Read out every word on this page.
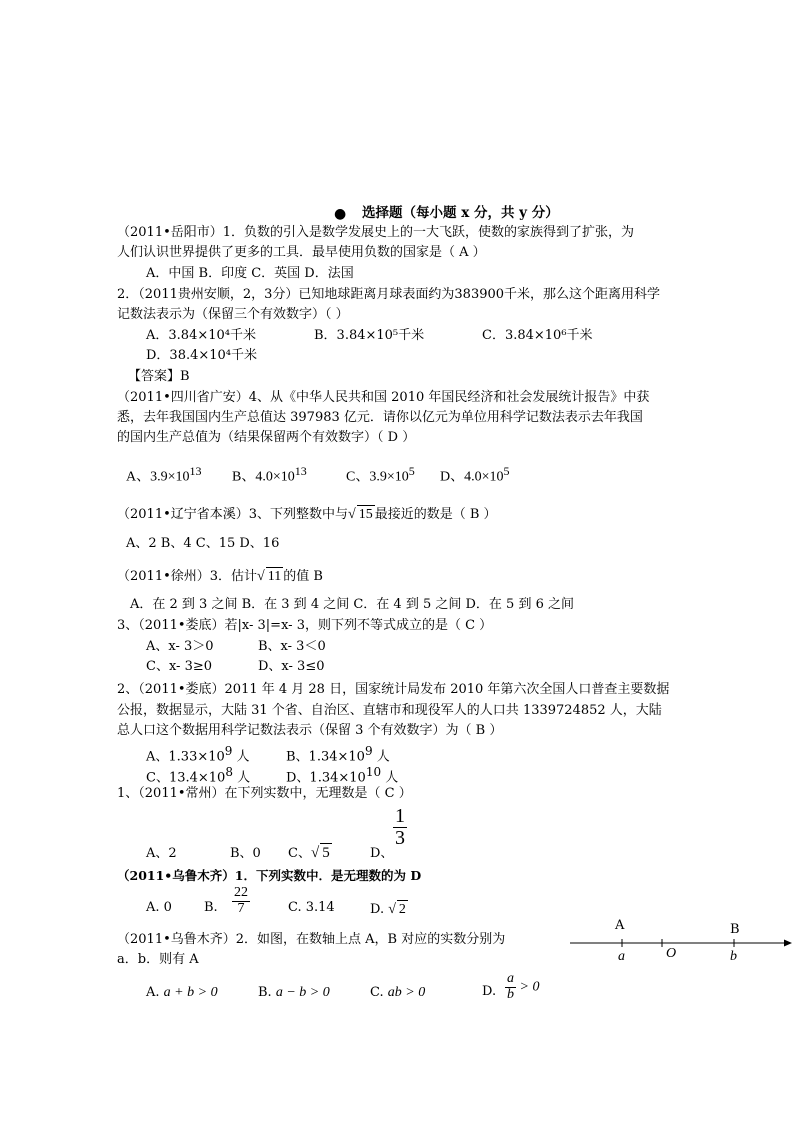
● 选择题（每小题 x 分，共 y 分）
（2011•岳阳市）1．负数的引入是数学发展史上的一大飞跃，使数的家族得到了扩张，为
人们认识世界提供了更多的工具．最早使用负数的国家是（ A ）
A．中国 B．印度 C．英国 D．法国
2．（2011贵州安顺，2，3分）已知地球距离月球表面约为383900千米，那么这个距离用科学
记数法表示为（保留三个有效数字）（ ）
A．3.84×10⁴千米	B．3.84×10⁵千米	C．3.84×10⁶千米
D．38.4×10⁴千米
【答案】B
（2011•四川省广安）4、从《中华人民共和国 2010 年国民经济和社会发展统计报告》中获
悉，去年我国国内生产总值达 397983 亿元．请你以亿元为单位用科学记数法表示去年我国
的国内生产总值为（结果保留两个有效数字）（ D ）
A、$3.9\times 10^{13}$ B、$4.0\times 10^{13}$	C、$3.9\times 10^5$ D、$4.0\times 10^5$
（2011•辽宁省本溪）3、下列整数中与√ 15 最接近的数是（ B ）
A、2 B、4 C、15 D、16
（2011•徐州）3．估计√ 11 的值 B
A．在 2 到 3 之间 B．在 3 到 4 之间 C．在 4 到 5 之间 D．在 5 到 6 之间
3、（2011•娄底）若|x- 3|=x- 3，则下列不等式成立的是（ C ）
A、x- 3＞0	B、x- 3＜0
C、x- 3≥0	D、x- 3≤0
2、（2011•娄底）2011 年 4 月 28 日，国家统计局发布 2010 年第六次全国人口普查主要数据
公报，数据显示，大陆 31 个省、自治区、直辖市和现役军人的人口共 1339724852 人，大陆
总人口这个数据用科学记数法表示（保留 3 个有效数字）为（ B ）
A、$1.33\times 10^9$ 人	B、$1.34\times 10^9$ 人
C、$13.4\times 10^8$ 人	D、$1.34\times 10^{10}$ 人
1、（2011•常州）在下列实数中，无理数是（ C ）
A、2	B、0 C、√ 5	D、
$\frac{1}{3}$
（2011•乌鲁木齐）1．下列实数中．是无理数的为 D
A. 0 B. $\frac{22}{7}$	C. 3.14	D. √ 2
（2011•乌鲁木齐）2．如图，在数轴上点 A，B 对应的实数分别为
a．b．则有 A
A. a + b > 0	B. a − b > 0	C. ab > 0	D. $\frac{a}{b} > 0$
A	B
a	O	b
